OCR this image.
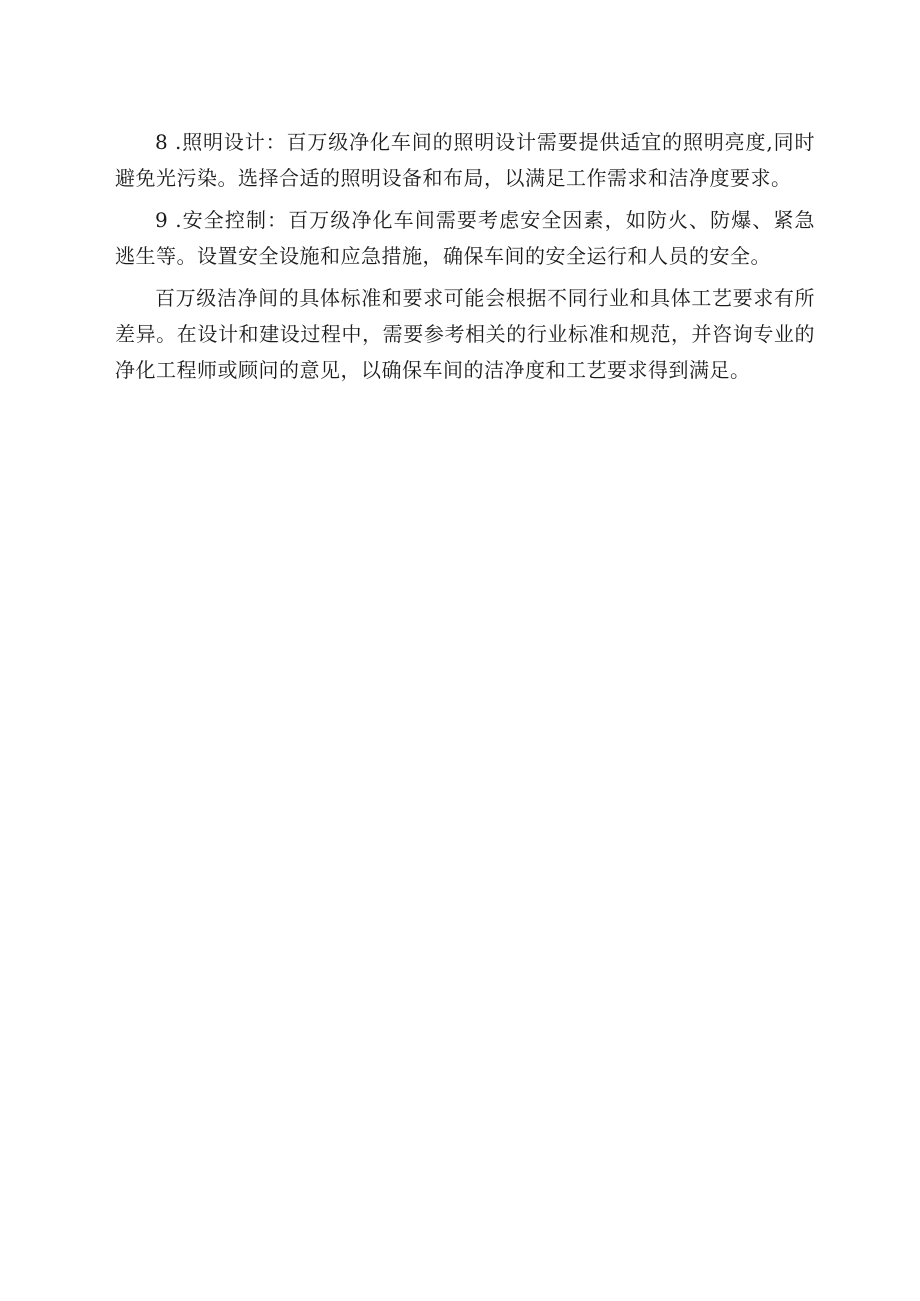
8 .照明设计：百万级净化车间的照明设计需要提供适宜的照明亮度,同时避免光污染。选择合适的照明设备和布局，以满足工作需求和洁净度要求。

9 .安全控制：百万级净化车间需要考虑安全因素，如防火、防爆、紧急逃生等。设置安全设施和应急措施，确保车间的安全运行和人员的安全。

百万级洁净间的具体标准和要求可能会根据不同行业和具体工艺要求有所差异。在设计和建设过程中，需要参考相关的行业标准和规范，并咨询专业的净化工程师或顾问的意见，以确保车间的洁净度和工艺要求得到满足。
